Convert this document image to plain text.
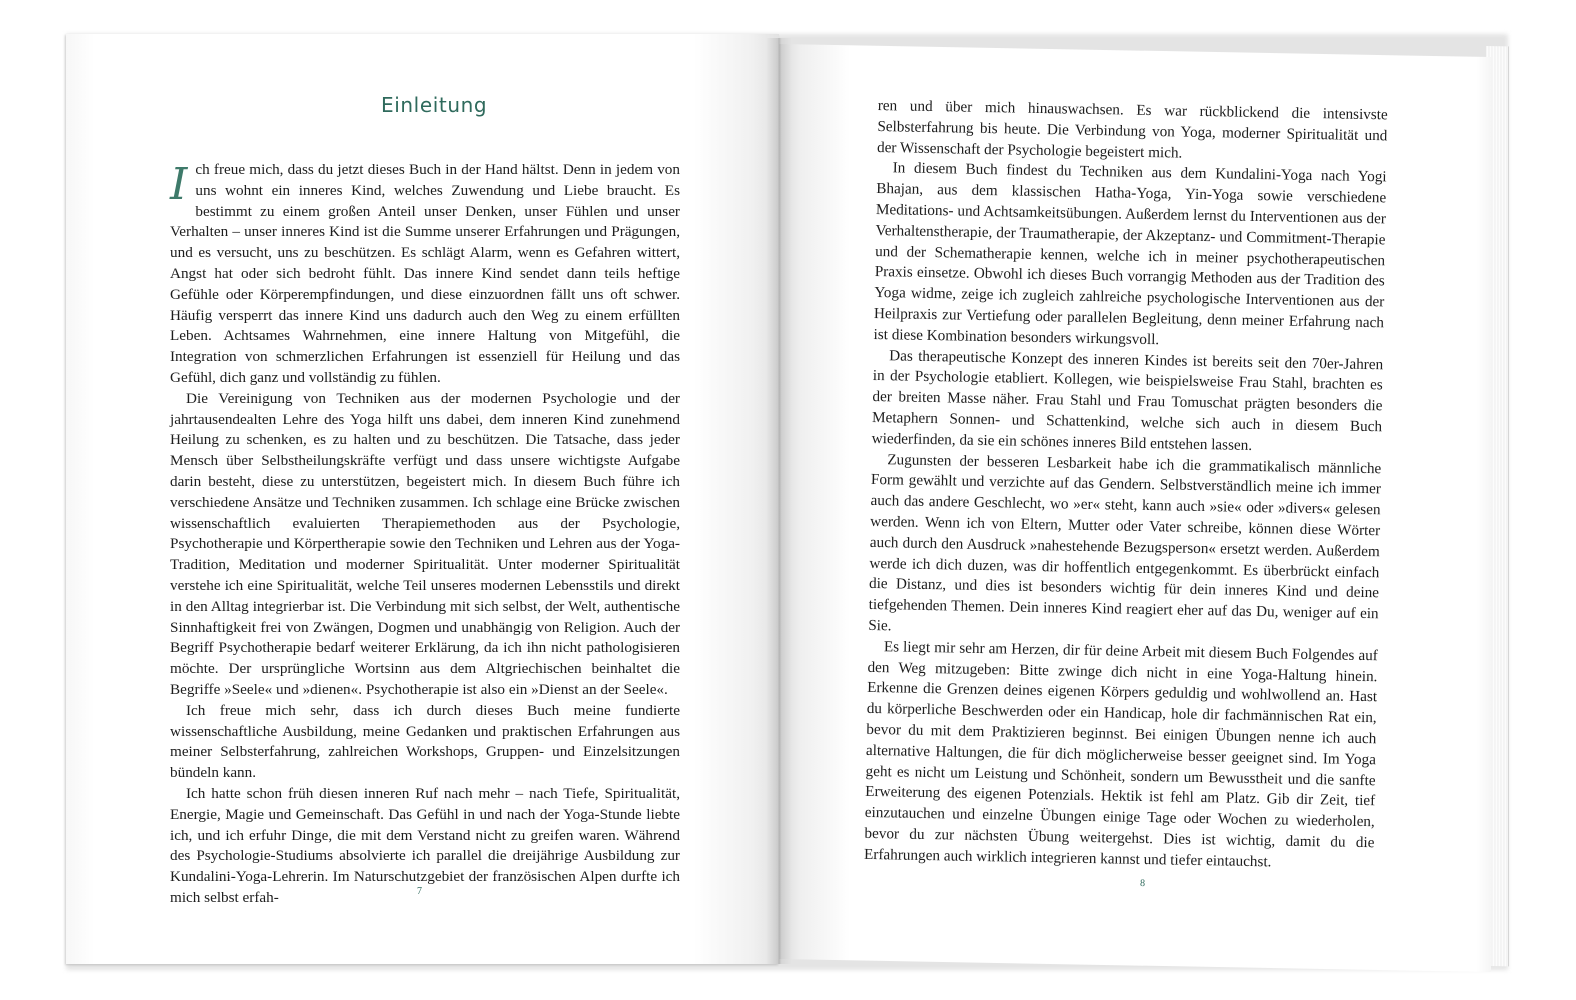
Einleitung

Ich freue mich, dass du jetzt dieses Buch in der Hand hältst. Denn in jedem von uns wohnt ein inneres Kind, welches Zuwendung und Liebe braucht. Es bestimmt zu einem großen Anteil unser Denken, unser Fühlen und unser Verhalten – unser inneres Kind ist die Summe unserer Erfahrungen und Prägungen, und es versucht, uns zu beschützen. Es schlägt Alarm, wenn es Gefahren wittert, Angst hat oder sich bedroht fühlt. Das innere Kind sendet dann teils heftige Gefühle oder Körperempfindungen, und diese einzuordnen fällt uns oft schwer. Häufig versperrt das innere Kind uns dadurch auch den Weg zu einem erfüllten Leben. Achtsames Wahrnehmen, eine innere Haltung von Mitgefühl, die Integration von schmerzlichen Erfahrungen ist essenziell für Heilung und das Gefühl, dich ganz und vollständig zu fühlen.

Die Vereinigung von Techniken aus der modernen Psychologie und der jahrtausendealten Lehre des Yoga hilft uns dabei, dem inneren Kind zunehmend Heilung zu schenken, es zu halten und zu beschützen. Die Tatsache, dass jeder Mensch über Selbstheilungskräfte verfügt und dass unsere wichtigste Aufgabe darin besteht, diese zu unterstützen, begeistert mich. In diesem Buch führe ich verschiedene Ansätze und Techniken zusammen. Ich schlage eine Brücke zwischen wissenschaftlich evaluierten Therapiemethoden aus der Psychologie, Psychotherapie und Körpertherapie sowie den Techniken und Lehren aus der Yoga-Tradition, Meditation und moderner Spiritualität. Unter moderner Spiritualität verstehe ich eine Spiritualität, welche Teil unseres modernen Lebensstils und direkt in den Alltag integrierbar ist. Die Verbindung mit sich selbst, der Welt, authentische Sinnhaftigkeit frei von Zwängen, Dogmen und unabhängig von Religion. Auch der Begriff Psychotherapie bedarf weiterer Erklärung, da ich ihn nicht pathologisieren möchte. Der ursprüngliche Wortsinn aus dem Altgriechischen beinhaltet die Begriffe »Seele« und »dienen«. Psychotherapie ist also ein »Dienst an der Seele«.

Ich freue mich sehr, dass ich durch dieses Buch meine fundierte wissenschaftliche Ausbildung, meine Gedanken und praktischen Erfahrungen aus meiner Selbsterfahrung, zahlreichen Workshops, Gruppen- und Einzelsitzungen bündeln kann.

Ich hatte schon früh diesen inneren Ruf nach mehr – nach Tiefe, Spiritualität, Energie, Magie und Gemeinschaft. Das Gefühl in und nach der Yoga-Stunde liebte ich, und ich erfuhr Dinge, die mit dem Verstand nicht zu greifen waren. Während des Psychologie-Studiums absolvierte ich parallel die dreijährige Ausbildung zur Kundalini-Yoga-Lehrerin. Im Naturschutzgebiet der französischen Alpen durfte ich mich selbst erfah-	7

ren und über mich hinauswachsen. Es war rückblickend die intensivste Selbsterfahrung bis heute. Die Verbindung von Yoga, moderner Spiritualität und der Wissenschaft der Psychologie begeistert mich.

In diesem Buch findest du Techniken aus dem Kundalini-Yoga nach Yogi Bhajan, aus dem klassischen Hatha-Yoga, Yin-Yoga sowie verschiedene Meditations- und Achtsamkeitsübungen. Außerdem lernst du Interventionen aus der Verhaltenstherapie, der Traumatherapie, der Akzeptanz- und Commitment-Therapie und der Schematherapie kennen, welche ich in meiner psychotherapeutischen Praxis einsetze. Obwohl ich dieses Buch vorrangig Methoden aus der Tradition des Yoga widme, zeige ich zugleich zahlreiche psychologische Interventionen aus der Heilpraxis zur Vertiefung oder parallelen Begleitung, denn meiner Erfahrung nach ist diese Kombination besonders wirkungsvoll.

Das therapeutische Konzept des inneren Kindes ist bereits seit den 70er-Jahren in der Psychologie etabliert. Kollegen, wie beispielsweise Frau Stahl, brachten es der breiten Masse näher. Frau Stahl und Frau Tomuschat prägten besonders die Metaphern Sonnen- und Schattenkind, welche sich auch in diesem Buch wiederfinden, da sie ein schönes inneres Bild entstehen lassen.

Zugunsten der besseren Lesbarkeit habe ich die grammatikalisch männliche Form gewählt und verzichte auf das Gendern. Selbstverständlich meine ich immer auch das andere Geschlecht, wo »er« steht, kann auch »sie« oder »divers« gelesen werden. Wenn ich von Eltern, Mutter oder Vater schreibe, können diese Wörter auch durch den Ausdruck »nahestehende Bezugsperson« ersetzt werden. Außerdem werde ich dich duzen, was dir hoffentlich entgegenkommt. Es überbrückt einfach die Distanz, und dies ist besonders wichtig für dein inneres Kind und deine tiefgehenden Themen. Dein inneres Kind reagiert eher auf das Du, weniger auf ein Sie.

Es liegt mir sehr am Herzen, dir für deine Arbeit mit diesem Buch Folgendes auf den Weg mitzugeben: Bitte zwinge dich nicht in eine Yoga-Haltung hinein. Erkenne die Grenzen deines eigenen Körpers geduldig und wohlwollend an. Hast du körperliche Beschwerden oder ein Handicap, hole dir fachmännischen Rat ein, bevor du mit dem Praktizieren beginnst. Bei einigen Übungen nenne ich auch alternative Haltungen, die für dich möglicherweise besser geeignet sind. Im Yoga geht es nicht um Leistung und Schönheit, sondern um Bewusstheit und die sanfte Erweiterung des eigenen Potenzials. Hektik ist fehl am Platz. Gib dir Zeit, tief einzutauchen und einzelne Übungen einige Tage oder Wochen zu wiederholen, bevor du zur nächsten Übung weitergehst. Dies ist wichtig, damit du die Erfahrungen auch wirklich integrieren kannst und tiefer eintauchst.

8
